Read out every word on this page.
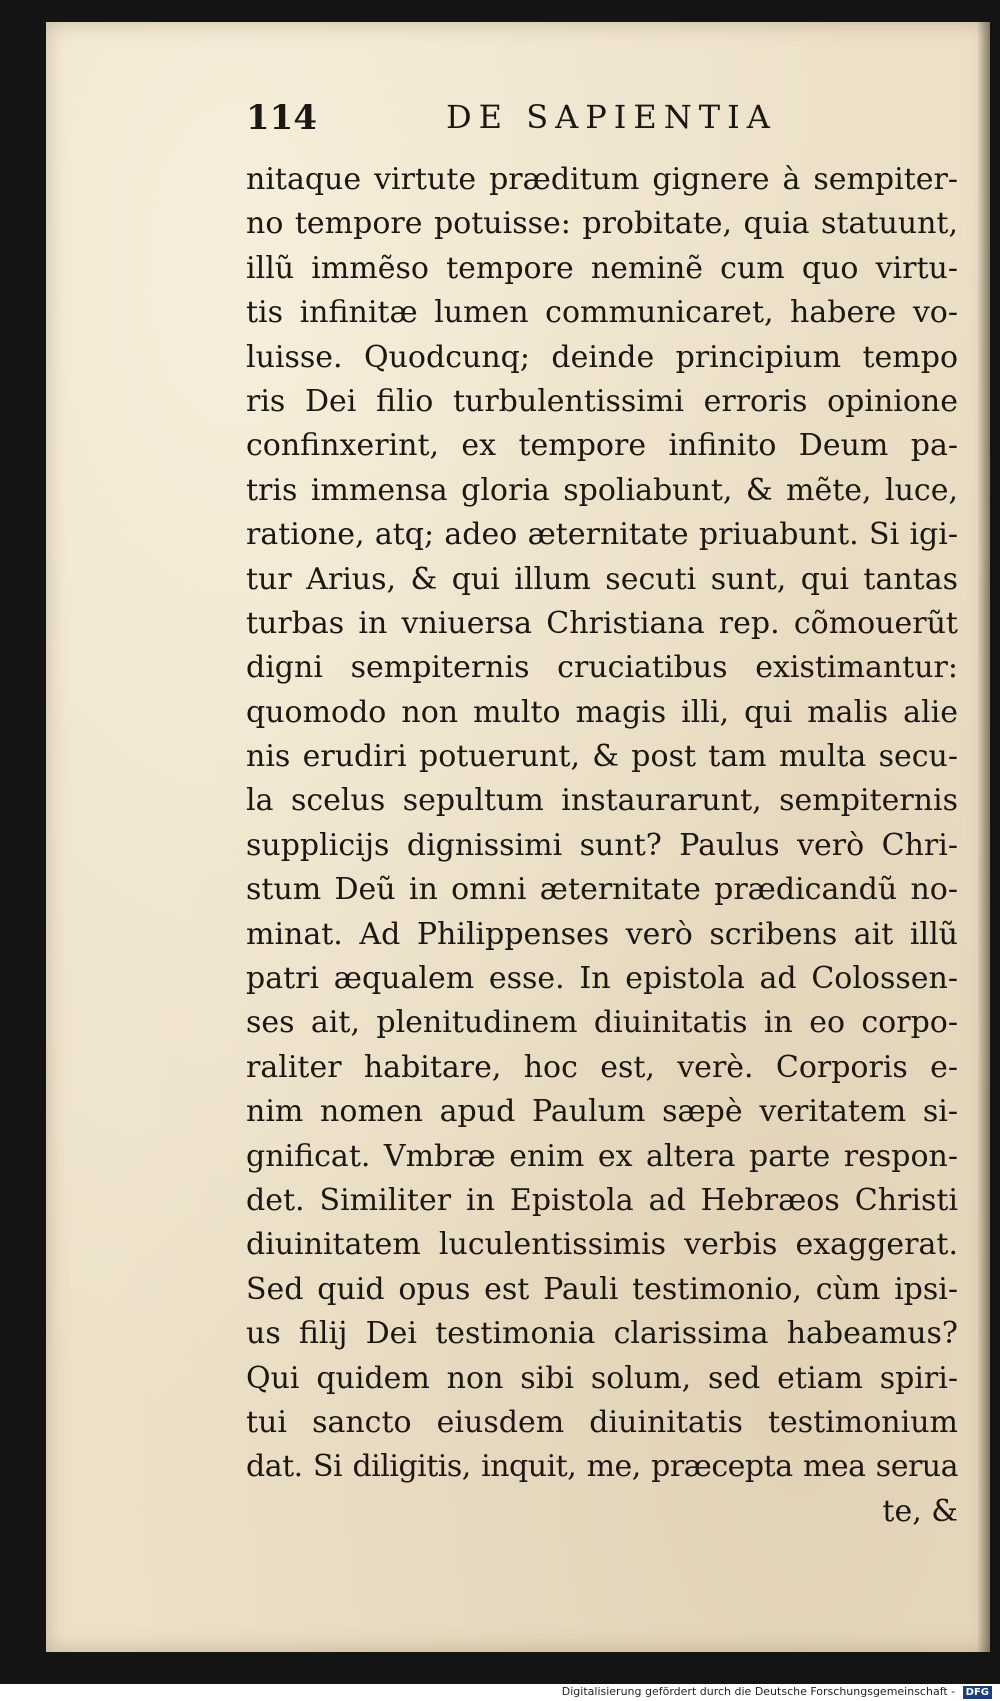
114	DE SAPIENTIA
nitaque virtute præditum gignere à sempiter-
no tempore potuisse: probitate, quia statuunt,
illũ immẽso tempore neminẽ cum quo virtu-
tis infinitæ lumen communicaret, habere vo-
luisse. Quodcunq; deinde principium tempo
ris Dei filio turbulentissimi erroris opinione
confinxerint, ex tempore infinito Deum pa-
tris immensa gloria spoliabunt, & mẽte, luce,
ratione, atq; adeo æternitate priuabunt. Si igi-
tur Arius, & qui illum secuti sunt, qui tantas
turbas in vniuersa Christiana rep. cõmouerũt
digni sempiternis cruciatibus existimantur:
quomodo non multo magis illi, qui malis alie
nis erudiri potuerunt, & post tam multa secu-
la scelus sepultum instaurarunt, sempiternis
supplicijs dignissimi sunt? Paulus verò Chri-
stum Deũ in omni æternitate prædicandũ no-
minat. Ad Philippenses verò scribens ait illũ
patri æqualem esse. In epistola ad Colossen-
ses ait, plenitudinem diuinitatis in eo corpo-
raliter habitare, hoc est, verè. Corporis e-
nim nomen apud Paulum sæpè veritatem si-
gnificat. Vmbræ enim ex altera parte respon-
det. Similiter in Epistola ad Hebræos Christi
diuinitatem luculentissimis verbis exaggerat.
Sed quid opus est Pauli testimonio, cùm ipsi-
us filij Dei testimonia clarissima habeamus?
Qui quidem non sibi solum, sed etiam spiri-
tui sancto eiusdem diuinitatis testimonium
dat. Si diligitis, inquit, me, præcepta mea serua
te, &
Digitalisierung gefördert durch die Deutsche Forschungsgemeinschaft - DFG
